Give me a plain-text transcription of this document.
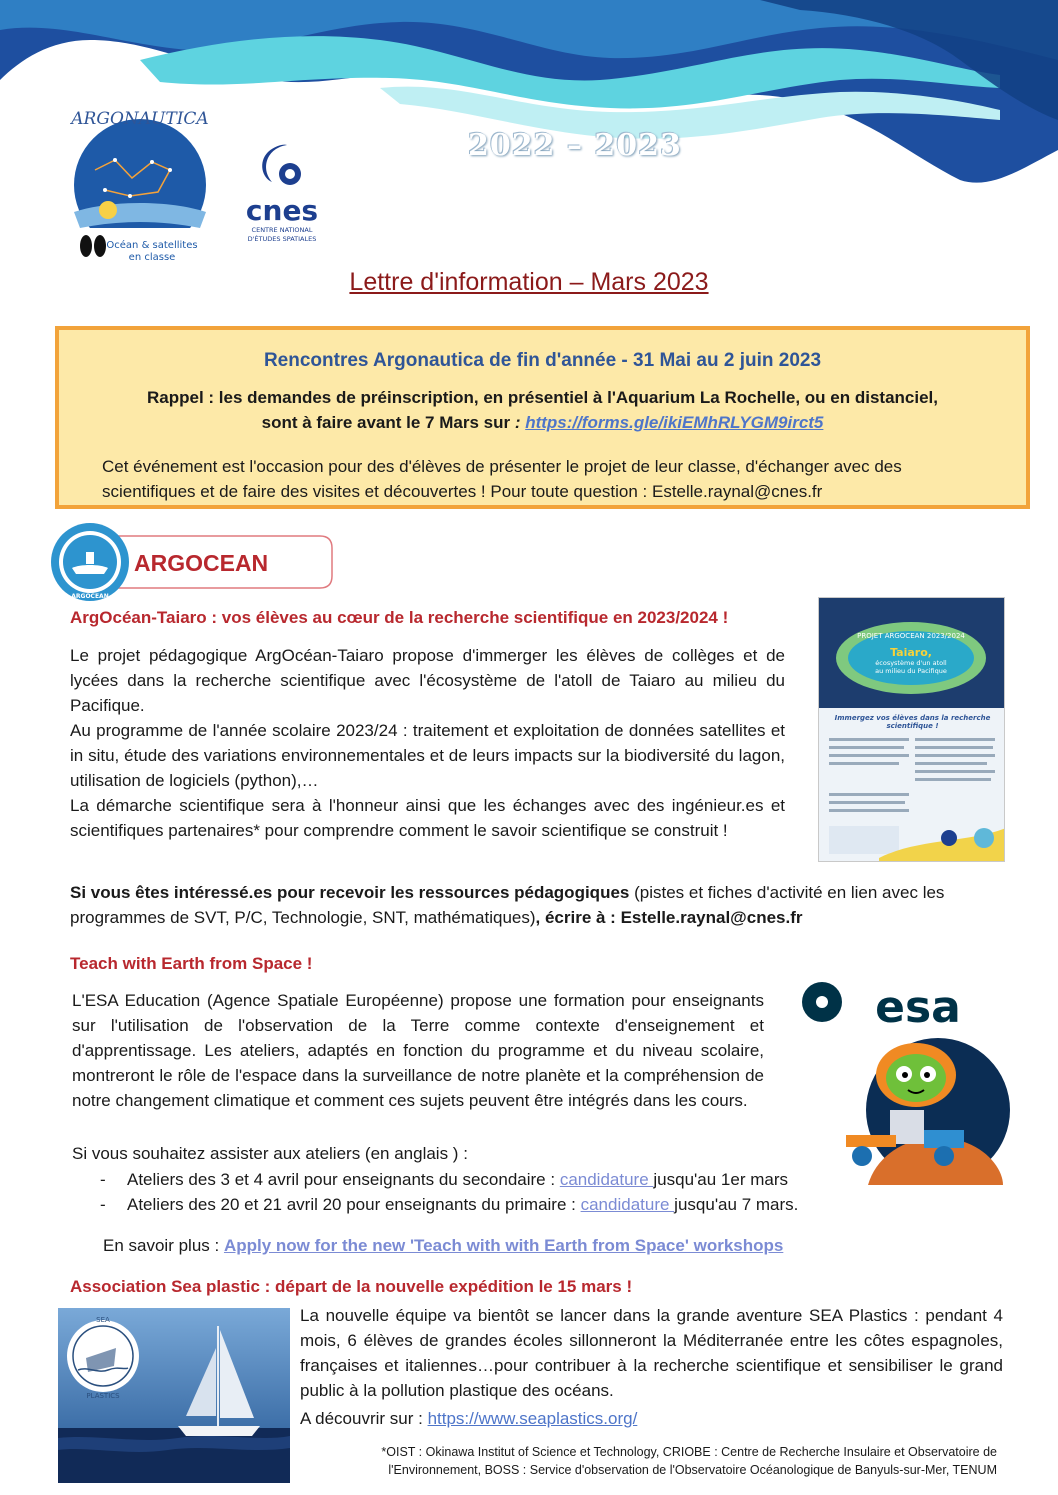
2022 – 2023
ARGONAUTICA
Océan & satellites
en classe
cnes
CENTRE NATIONAL
D'ÉTUDES SPATIALES
Lettre d'information – Mars 2023
Rencontres Argonautica de fin d'année - 31 Mai au 2 juin 2023
Rappel : les demandes de préinscription, en présentiel à l'Aquarium La Rochelle, ou en distanciel,
sont à faire avant le 7 Mars sur : https://forms.gle/ikiEMhRLYGM9irct5
Cet événement est l'occasion pour des d'élèves de présenter le projet de leur classe, d'échanger avec des scientifiques et de faire des visites et découvertes ! Pour toute question : Estelle.raynal@cnes.fr
ARGOCEAN
ARGOCEAN
ArgOcéan-Taiaro : vos élèves au cœur de la recherche scientifique en 2023/2024 !
Le projet pédagogique ArgOcéan-Taiaro propose d'immerger les élèves de collèges et de lycées dans la recherche scientifique avec l'écosystème de l'atoll de Taiaro au milieu du Pacifique.
Au programme de l'année scolaire 2023/24 : traitement et exploitation de données satellites et in situ, étude des variations environnementales et de leurs impacts sur la biodiversité du lagon, utilisation de logiciels (python),…
La démarche scientifique sera à l'honneur ainsi que les échanges avec des ingénieur.es et scientifiques partenaires* pour comprendre comment le savoir scientifique se construit !
PROJET ARGOCEAN 2023/2024
Taiaro,
écosystème d'un atoll au milieu du Pacifique
Immergez vos élèves dans la recherche scientifique !
Si vous êtes intéressé.es pour recevoir les ressources pédagogiques (pistes et fiches d'activité en lien avec les programmes de SVT, P/C, Technologie, SNT, mathématiques), écrire à : Estelle.raynal@cnes.fr
Teach with Earth from Space !
L'ESA Education (Agence Spatiale Européenne) propose une formation pour enseignants sur l'utilisation de l'observation de la Terre comme contexte d'enseignement et d'apprentissage. Les ateliers, adaptés en fonction du programme et du niveau scolaire, montreront le rôle de l'espace dans la surveillance de notre planète et la compréhension de notre changement climatique et comment ces sujets peuvent être intégrés dans les cours.
Si vous souhaitez assister aux ateliers (en anglais ) :
- Ateliers des 3 et 4 avril pour enseignants du secondaire : candidature jusqu'au 1er mars
- Ateliers des 20 et 21 avril 20 pour enseignants du primaire : candidature jusqu'au 7 mars.
En savoir plus : Apply now for the new 'Teach with with Earth from Space' workshops
esa
Association Sea plastic : départ de la nouvelle expédition le 15 mars !
SEA
PLASTICS
La nouvelle équipe va bientôt se lancer dans la grande aventure SEA Plastics : pendant 4 mois, 6 élèves de grandes écoles sillonneront la Méditerranée entre les côtes espagnoles, françaises et italiennes…pour contribuer à la recherche scientifique et sensibiliser le grand public à la pollution plastique des océans.
A découvrir sur : https://www.seaplastics.org/
*OIST : Okinawa Institut of Science et Technology, CRIOBE : Centre de Recherche Insulaire et Observatoire de
l'Environnement, BOSS : Service d'observation de l'Observatoire Océanologique de Banyuls-sur-Mer, TENUM
